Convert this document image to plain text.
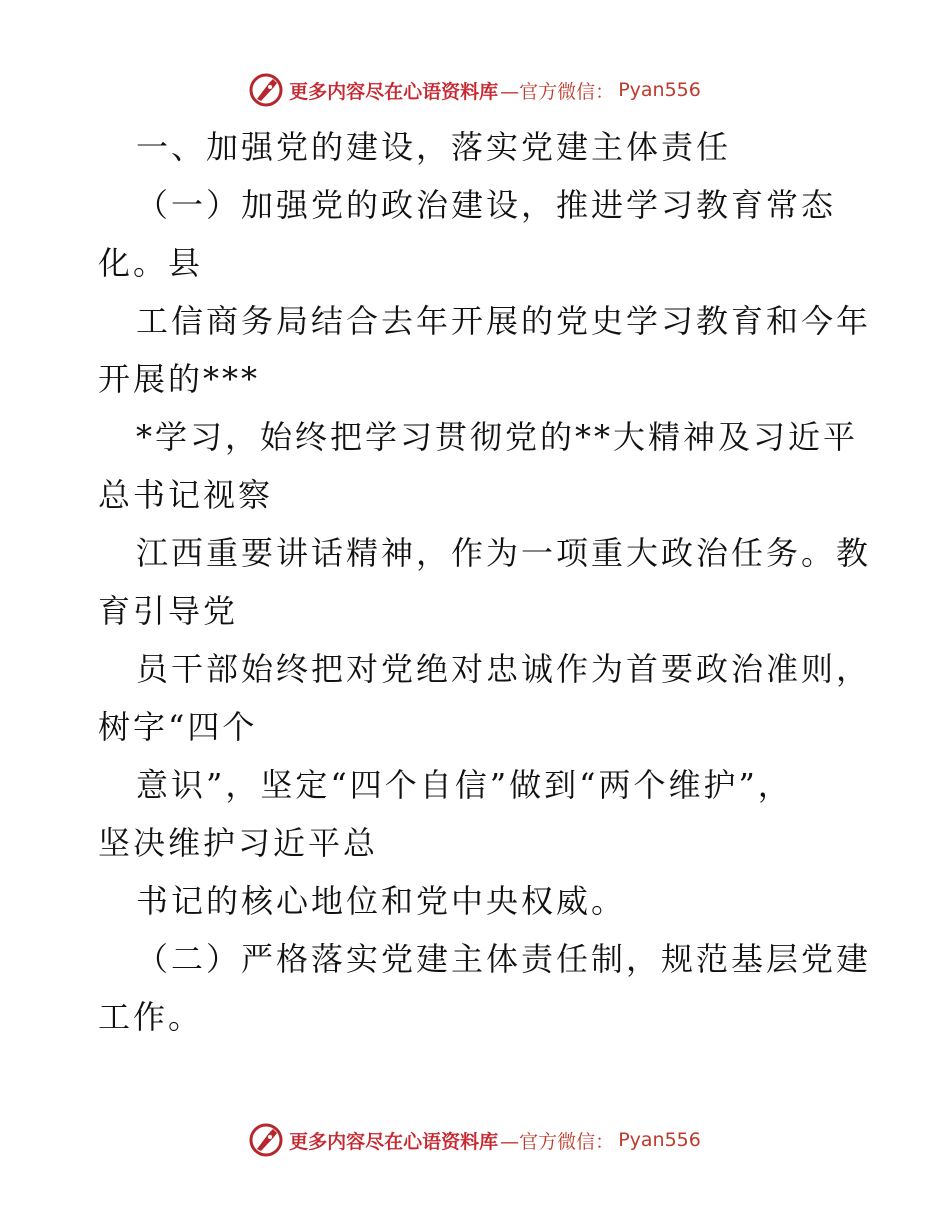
更多内容尽在心语资料库 —官方微信： Pyan556

一、加强党的建设，落实党建主体责任

（一）加强党的政治建设，推进学习教育常态
化。县

工信商务局结合去年开展的党史学习教育和今年
开展的***

*学习，始终把学习贯彻党的**大精神及习近平
总书记视察

江西重要讲话精神，作为一项重大政治任务。教
育引导党

员干部始终把对党绝对忠诚作为首要政治准则，
树字“四个

意识”，坚定“四个自信”做到“两个维护”，
坚决维护习近平总

书记的核心地位和党中央权威。

（二）严格落实党建主体责任制，规范基层党建
工作。

更多内容尽在心语资料库 —官方微信： Pyan556
